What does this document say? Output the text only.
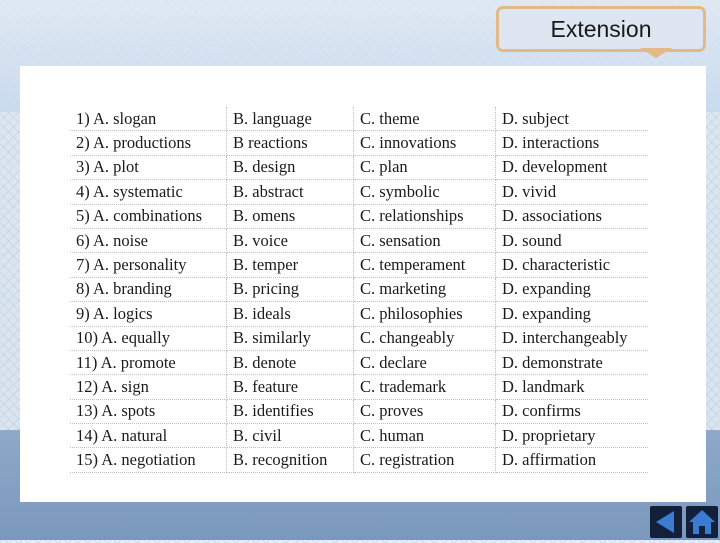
Extension
1) A. slogan	B. language	C. theme	D. subject
2) A. productions	B reactions	C. innovations	D. interactions
3) A. plot	B. design	C. plan	D. development
4) A. systematic	B. abstract	C. symbolic	D. vivid
5) A. combinations	B. omens	C. relationships	D. associations
6) A. noise	B. voice	C. sensation	D. sound
7) A. personality	B. temper	C. temperament	D. characteristic
8) A. branding	B. pricing	C. marketing	D. expanding
9) A. logics	B. ideals	C. philosophies	D. expanding
10) A. equally	B. similarly	C. changeably	D. interchangeably
11) A. promote	B. denote	C. declare	D. demonstrate
12) A. sign	B. feature	C. trademark	D. landmark
13) A. spots	B. identifies	C. proves	D. confirms
14) A. natural	B. civil	C. human	D. proprietary
15) A. negotiation	B. recognition	C. registration	D. affirmation
